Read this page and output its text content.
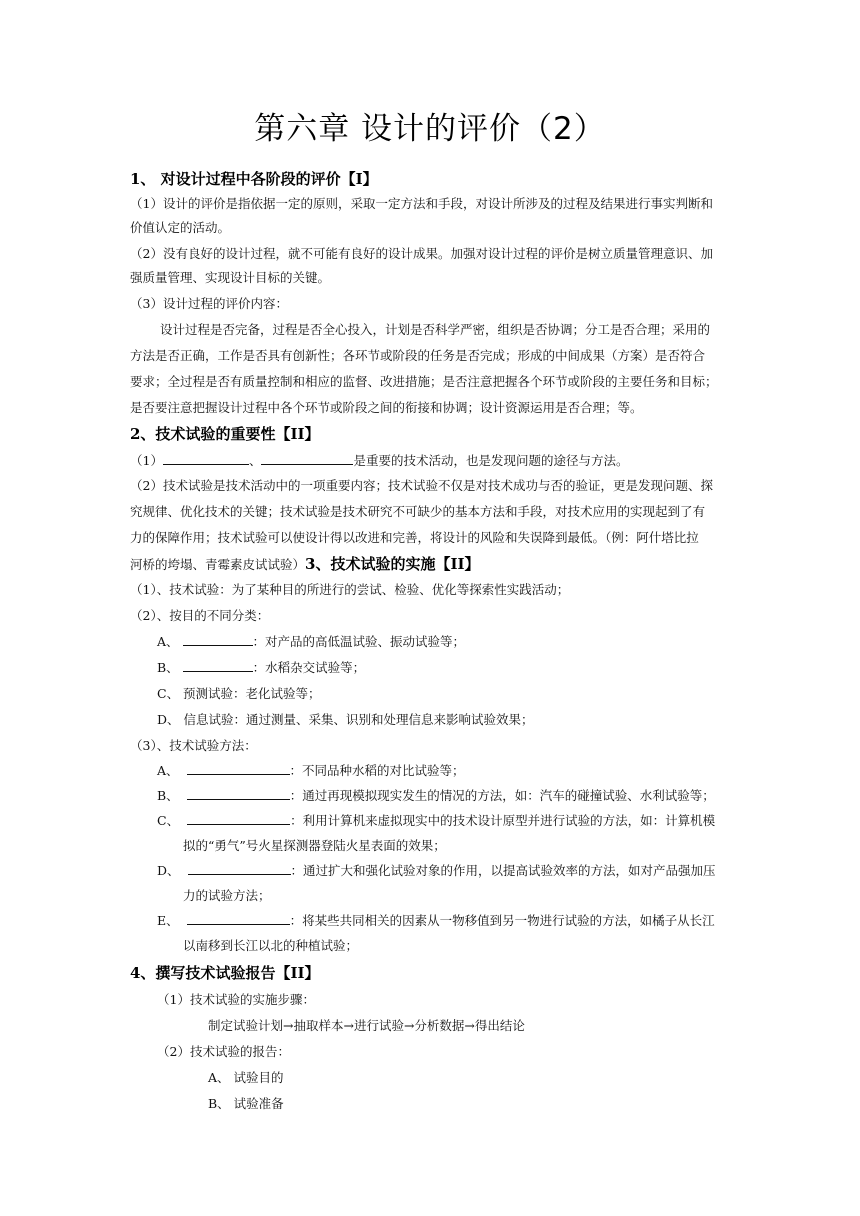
第六章 设计的评价（2）
1、 对设计过程中各阶段的评价【I】
（1）设计的评价是指依据一定的原则，采取一定方法和手段，对设计所涉及的过程及结果进行事实判断和
价值认定的活动。
（2）没有良好的设计过程，就不可能有良好的设计成果。加强对设计过程的评价是树立质量管理意识、加
强质量管理、实现设计目标的关键。
（3）设计过程的评价内容：
设计过程是否完备，过程是否全心投入，计划是否科学严密，组织是否协调；分工是否合理；采用的
方法是否正确，工作是否具有创新性；各环节或阶段的任务是否完成；形成的中间成果（方案）是否符合
要求；全过程是否有质量控制和相应的监督、改进措施；是否注意把握各个环节或阶段的主要任务和目标；
是否要注意把握设计过程中各个环节或阶段之间的衔接和协调；设计资源运用是否合理；等。
2、技术试验的重要性【II】
（1）	、	是重要的技术活动，也是发现问题的途径与方法。
（2）技术试验是技术活动中的一项重要内容；技术试验不仅是对技术成功与否的验证，更是发现问题、探
究规律、优化技术的关键；技术试验是技术研究不可缺少的基本方法和手段，对技术应用的实现起到了有
力的保障作用；技术试验可以使设计得以改进和完善，将设计的风险和失误降到最低。（例：阿什塔比拉
河桥的垮塌、青霉素皮试试验）3、技术试验的实施【II】
（1）、技术试验：为了某种目的所进行的尝试、检验、优化等探索性实践活动；
（2）、按目的不同分类：
A、	：对产品的高低温试验、振动试验等；
B、	：水稻杂交试验等；
C、 预测试验：老化试验等；
D、 信息试验：通过测量、采集、识别和处理信息来影响试验效果；
（3）、技术试验方法：
A、	：不同品种水稻的对比试验等；
B、	：通过再现模拟现实发生的情况的方法，如：汽车的碰撞试验、水利试验等；
C、	：利用计算机来虚拟现实中的技术设计原型并进行试验的方法，如：计算机模
拟的“勇气”号火星探测器登陆火星表面的效果；
D、	：通过扩大和强化试验对象的作用，以提高试验效率的方法，如对产品强加压
力的试验方法；
E、	：将某些共同相关的因素从一物移值到另一物进行试验的方法，如橘子从长江
以南移到长江以北的种植试验；
4、撰写技术试验报告【II】
（1）技术试验的实施步骤：
制定试验计划→抽取样本→进行试验→分析数据→得出结论
（2）技术试验的报告：
A、 试验目的
B、 试验准备
